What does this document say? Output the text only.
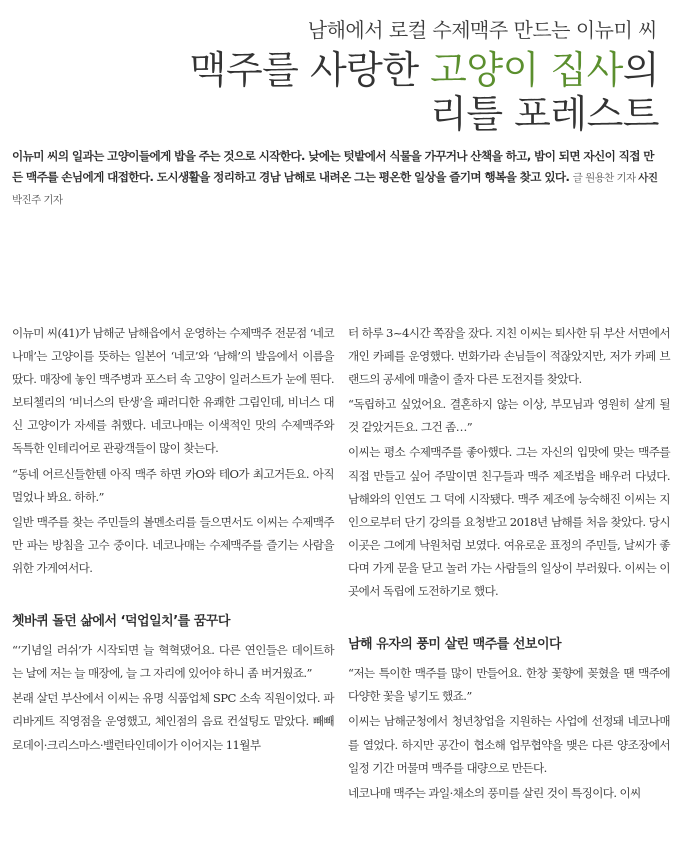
남해에서 로컬 수제맥주 만드는 이뉴미 씨
맥주를 사랑한 고양이 집사의
리틀 포레스트
이뉴미 씨의 일과는 고양이들에게 밥을 주는 것으로 시작한다. 낮에는 텃밭에서 식물을 가꾸거나 산책을 하고, 밤이 되면 자신이 직접 만든 맥주를 손님에게 대접한다. 도시생활을 정리하고 경남 남해로 내려온 그는 평온한 일상을 즐기며 행복을 찾고 있다. 글 원용찬 기자 사진 박진주 기자

이뉴미 씨(41)가 남해군 남해읍에서 운영하는 수제맥주 전문점 ‘네코나매’는 고양이를 뜻하는 일본어 ‘네코’와 ‘남해’의 발음에서 이름을 땄다. 매장에 놓인 맥주병과 포스터 속 고양이 일러스트가 눈에 띈다. 보티첼리의 ‘비너스의 탄생’을 패러디한 유쾌한 그림인데, 비너스 대신 고양이가 자세를 취했다. 네코나매는 이색적인 맛의 수제맥주와 독특한 인테리어로 관광객들이 많이 찾는다.

“동네 어르신들한텐 아직 맥주 하면 카O와 테O가 최고거든요. 아직 멀었나 봐요. 하하.”

일반 맥주를 찾는 주민들의 볼멘소리를 들으면서도 이씨는 수제맥주만 파는 방침을 고수 중이다. 네코나매는 수제맥주를 즐기는 사람을 위한 가게여서다.

쳇바퀴 돌던 삶에서 ‘덕업일치’를 꿈꾸다

“‘기념일 러쉬’가 시작되면 늘 혁혁댔어요. 다른 연인들은 데이트하는 날에 저는 늘 매장에, 늘 그 자리에 있어야 하니 좀 버거웠죠.”

본래 살던 부산에서 이씨는 유명 식품업체 SPC 소속 직원이었다. 파리바게트 직영점을 운영했고, 체인점의 음료 컨설팅도 맡았다. 빼빼로데이·크리스마스·밸런타인데이가 이어지는 11월부

터 하루 3~4시간 쪽잠을 잤다. 지친 이씨는 퇴사한 뒤 부산 서면에서 개인 카페를 운영했다. 번화가라 손님들이 적잖았지만, 저가 카페 브랜드의 공세에 매출이 줄자 다른 도전지를 찾았다.

“독립하고 싶었어요. 결혼하지 않는 이상, 부모님과 영원히 살게 될 것 같았거든요. 그건 좀…”

이씨는 평소 수제맥주를 좋아했다. 그는 자신의 입맛에 맞는 맥주를 직접 만들고 싶어 주말이면 친구들과 맥주 제조법을 배우러 다녔다. 남해와의 인연도 그 덕에 시작됐다. 맥주 제조에 능숙해진 이씨는 지인으로부터 단기 강의를 요청받고 2018년 남해를 처음 찾았다. 당시 이곳은 그에게 낙원처럼 보였다. 여유로운 표정의 주민들, 날씨가 좋다며 가게 문을 닫고 놀러 가는 사람들의 일상이 부러웠다. 이씨는 이곳에서 독립에 도전하기로 했다.

남해 유자의 풍미 살린 맥주를 선보이다

“저는 특이한 맥주를 많이 만들어요. 한창 꽃향에 꽂혔을 땐 맥주에 다양한 꽃을 넣기도 했죠.”

이씨는 남해군청에서 청년창업을 지원하는 사업에 선정돼 네코나매를 열었다. 하지만 공간이 협소해 업무협약을 맺은 다른 양조장에서 일정 기간 머물며 맥주를 대량으로 만든다.

네코나매 맥주는 과일·채소의 풍미를 살린 것이 특징이다. 이씨
